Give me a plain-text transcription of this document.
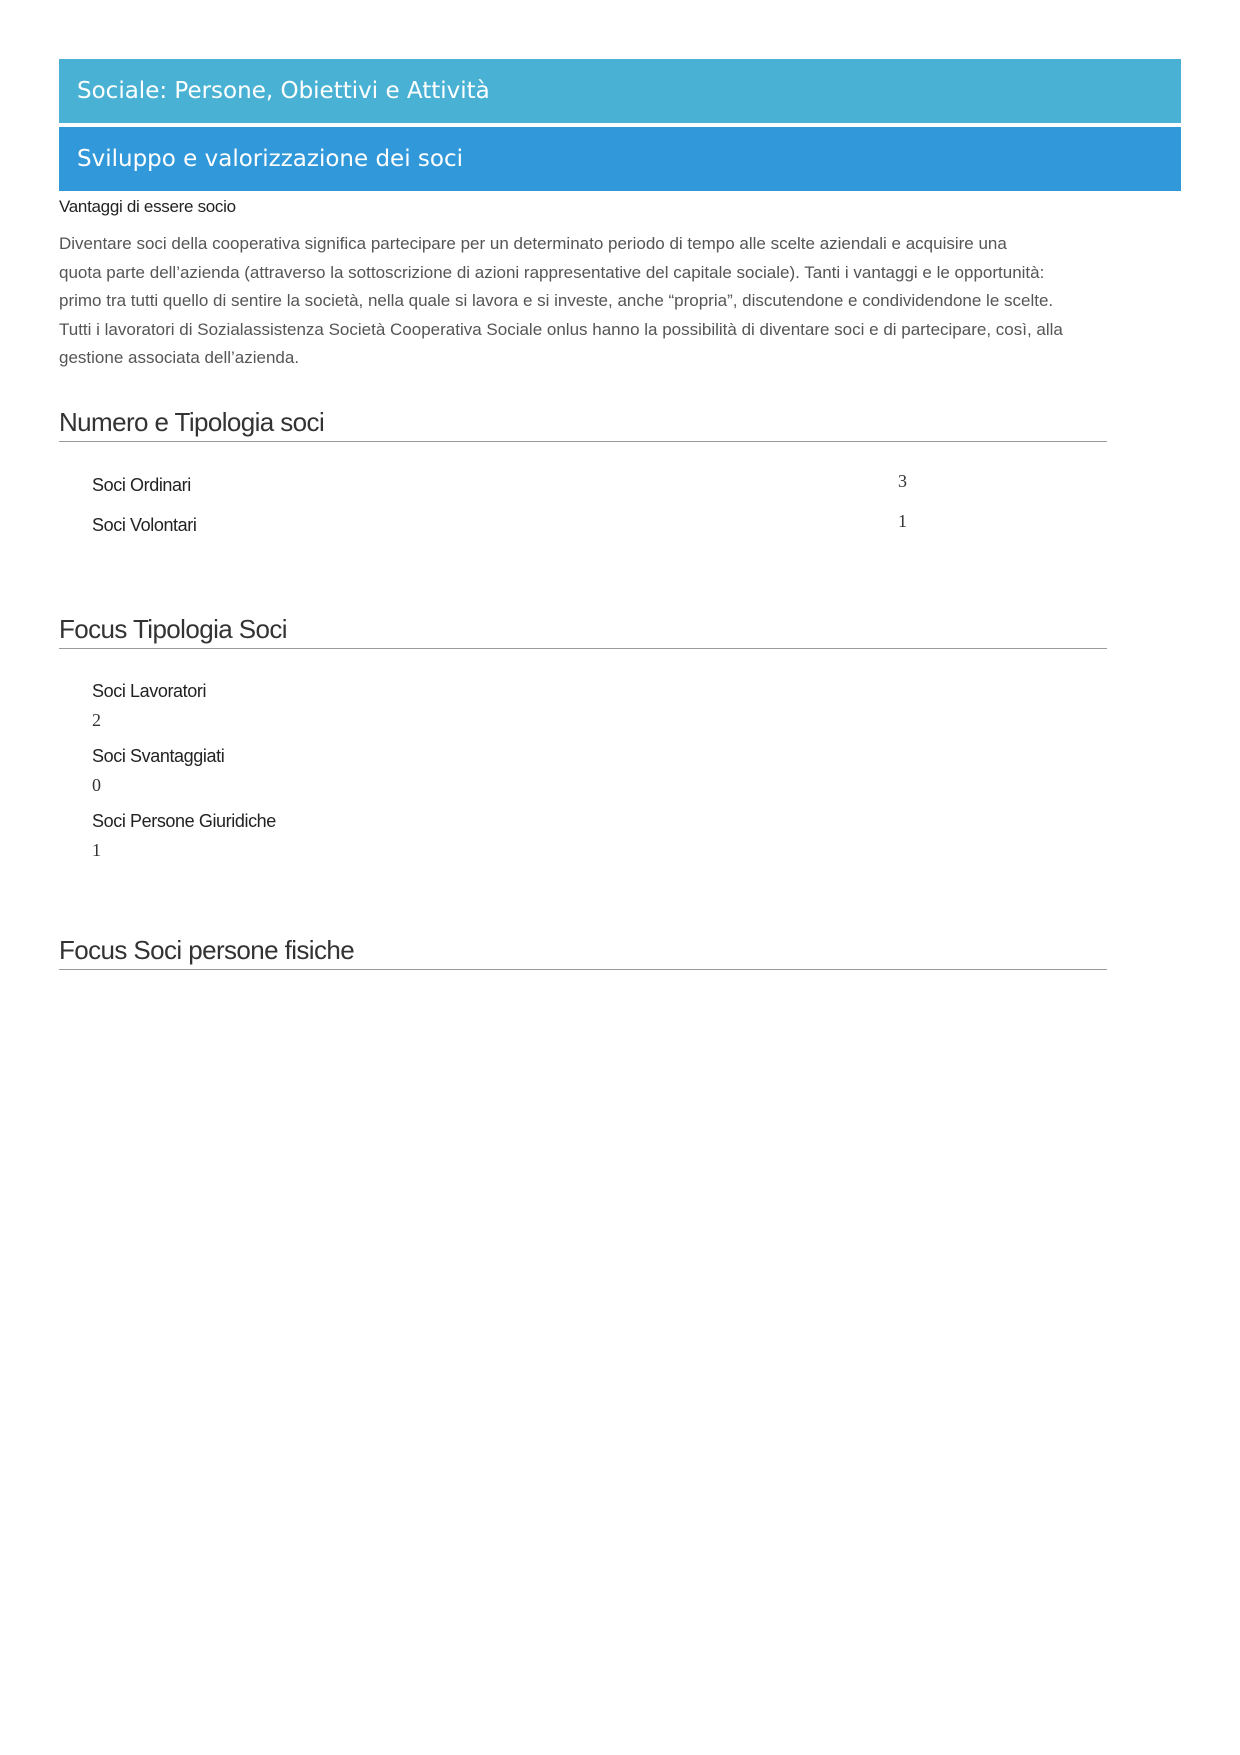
Sociale: Persone, Obiettivi e Attività
Sviluppo e valorizzazione dei soci
Vantaggi di essere socio

Diventare soci della cooperativa significa partecipare per un determinato periodo di tempo alle scelte aziendali e acquisire una
quota parte dell’azienda (attraverso la sottoscrizione di azioni rappresentative del capitale sociale). Tanti i vantaggi e le opportunità:
primo tra tutti quello di sentire la società, nella quale si lavora e si investe, anche “propria”, discutendone e condividendone le scelte.
Tutti i lavoratori di Sozialassistenza Società Cooperativa Sociale onlus hanno la possibilità di diventare soci e di partecipare, così, alla
gestione associata dell’azienda.

Numero e Tipologia soci
Soci Ordinari	3
Soci Volontari	1
Focus Tipologia Soci
Soci Lavoratori
2
Soci Svantaggiati
0
Soci Persone Giuridiche
1
Focus Soci persone fisiche
